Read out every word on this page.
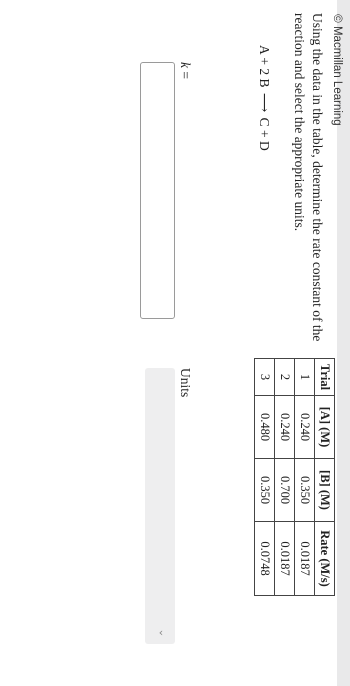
© Macmillan Learning

Using the data in the table, determine the rate constant of the reaction and select the appropriate units.

A + 2 B ⟶ C + D
Trial	[A] (M)	[B] (M)	Rate (M/s)
1	0.240	0.350	0.0187
2	0.240	0.700	0.0187
3	0.480	0.350	0.0748
k =
Units
‹
